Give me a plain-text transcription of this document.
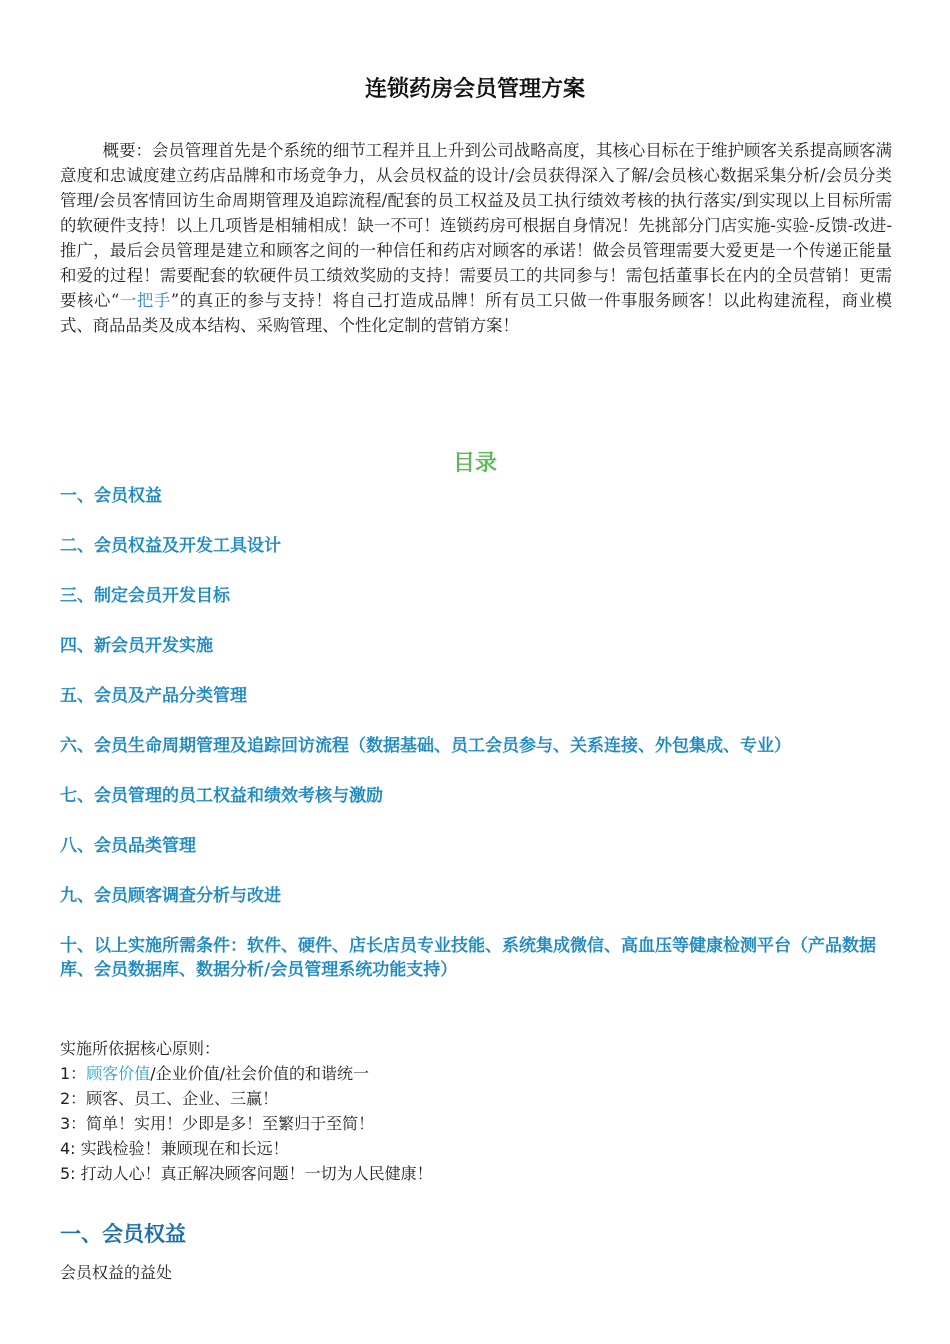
连锁药房会员管理方案

概要：会员管理首先是个系统的细节工程并且上升到公司战略高度，其核心目标在于维护顾客关系提高顾客满意度和忠诚度建立药店品牌和市场竞争力，从会员权益的设计/会员获得深入了解/会员核心数据采集分析/会员分类管理/会员客情回访生命周期管理及追踪流程/配套的员工权益及员工执行绩效考核的执行落实/到实现以上目标所需的软硬件支持！以上几项皆是相辅相成！缺一不可！连锁药房可根据自身情况！先挑部分门店实施-实验-反馈-改进-推广，最后会员管理是建立和顾客之间的一种信任和药店对顾客的承诺！做会员管理需要大爱更是一个传递正能量和爱的过程！需要配套的软硬件员工绩效奖励的支持！需要员工的共同参与！需包括董事长在内的全员营销！更需要核心“一把手”的真正的参与支持！将自己打造成品牌！所有员工只做一件事服务顾客！以此构建流程，商业模式、商品品类及成本结构、采购管理、个性化定制的营销方案！

目录
一、会员权益
二、会员权益及开发工具设计
三、制定会员开发目标
四、新会员开发实施
五、会员及产品分类管理
六、会员生命周期管理及追踪回访流程（数据基础、员工会员参与、关系连接、外包集成、专业）
七、会员管理的员工权益和绩效考核与激励
八、会员品类管理
九、会员顾客调查分析与改进
十、以上实施所需条件：软件、硬件、店长店员专业技能、系统集成微信、高血压等健康检测平台（产品数据库、会员数据库、数据分析/会员管理系统功能支持）
实施所依据核心原则：
1：顾客价值/企业价值/社会价值的和谐统一
2：顾客、员工、企业、三赢！
3：简单！实用！少即是多！至繁归于至简！
4: 实践检验！兼顾现在和长远！
5: 打动人心！真正解决顾客问题！一切为人民健康！
一、会员权益
会员权益的益处
